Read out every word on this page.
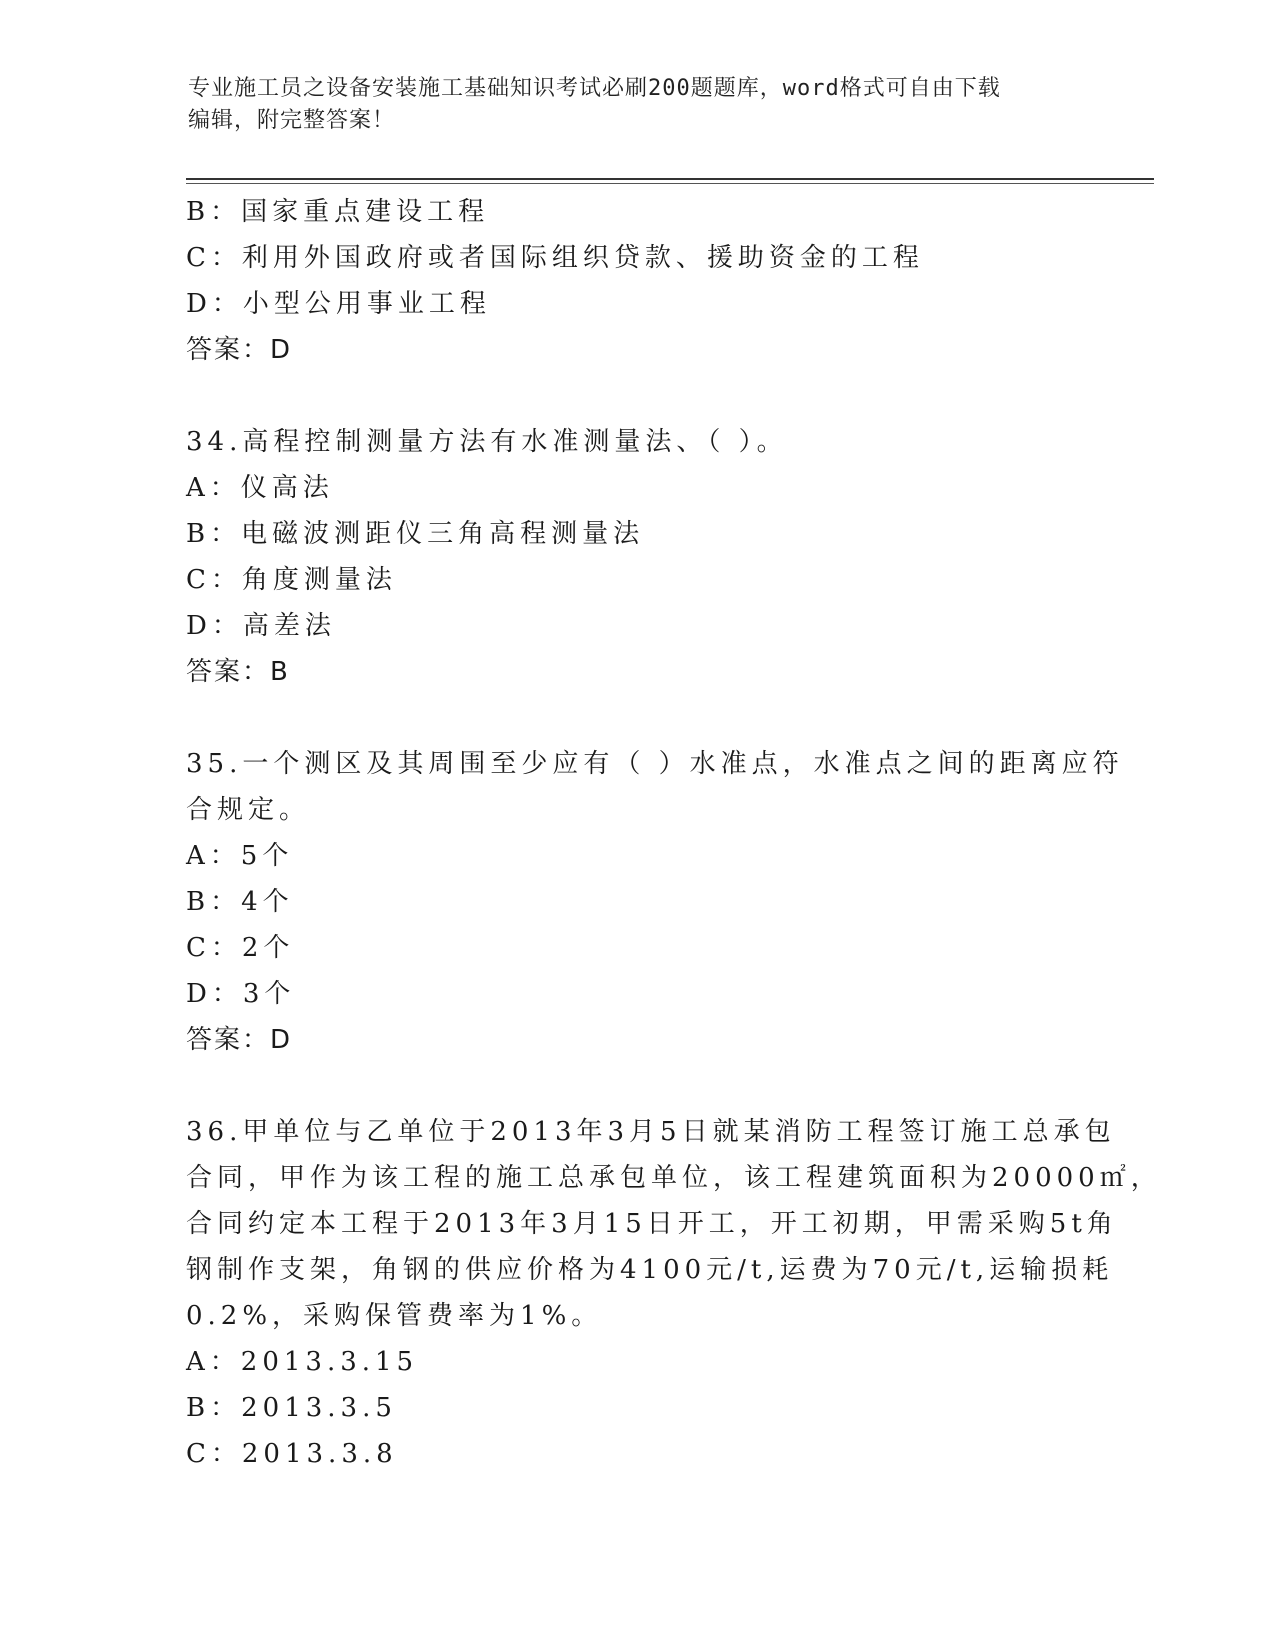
专业施工员之设备安装施工基础知识考试必刷200题题库，word格式可自由下载
编辑，附完整答案！
B：国家重点建设工程
C：利用外国政府或者国际组织贷款、援助资金的工程
D：小型公用事业工程
答案：D
34.高程控制测量方法有水准测量法、（ ）。
A：仪高法
B：电磁波测距仪三角高程测量法
C：角度测量法
D：高差法
答案：B
35.一个测区及其周围至少应有（ ）水准点，水准点之间的距离应符
合规定。
A：5个
B：4个
C：2个
D：3个
答案：D
36.甲单位与乙单位于2013年3月5日就某消防工程签订施工总承包
合同，甲作为该工程的施工总承包单位，该工程建筑面积为20000㎡，
合同约定本工程于2013年3月15日开工，开工初期，甲需采购5t角
钢制作支架，角钢的供应价格为4100元/t,运费为70元/t,运输损耗
0.2%，采购保管费率为1%。
A：2013.3.15
B：2013.3.5
C：2013.3.8
